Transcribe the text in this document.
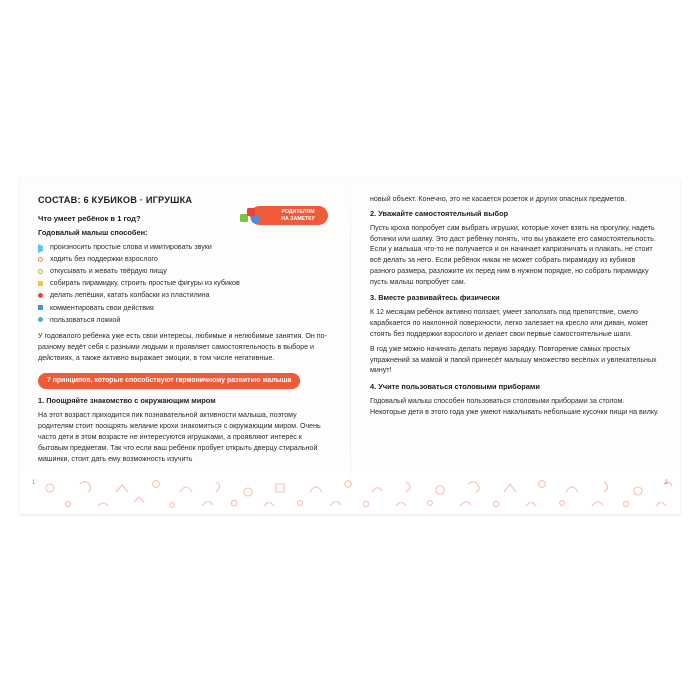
РОДИТЕЛЯМ
НА ЗАМЕТКУ
СОСТАВ: 6 КУБИКОВ · ИГРУШКА
Что умеет ребёнок в 1 год?
Годовалый малыш способен:
произносить простые слова и имитировать звуки
ходить без поддержки взрослого
откусывать и жевать твёрдую пищу
собирать пирамидку, строить простые фигуры из кубиков
делать лепёшки, катать колбаски из пластилина
комментировать свои действия
пользоваться ложкой

У годовалого ребёнка уже есть свои интересы, любимые и нелюбимые занятия. Он по-разному ведёт себя с разными людьми и проявляет самостоятельность в выборе и действиях, а также активно выражает эмоции, в том числе негативные.

7 принципов, которые способствуют гармоничному развитию малыша
1. Поощряйте знакомство с окружающим миром

На этот возраст приходится пик познавательной активности малыша, поэтому родителям стоит поощрять желание крохи знакомиться с окружающим миром. Очень часто дети в этом возрасте не интересуются игрушками, а проявляют интерес к бытовым предметам. Так что если ваш ребёнок пробует открыть дверцу стиральной машинки, стоит дать ему возможность изучить

новый объект. Конечно, это не касается розеток и других опасных предметов.

2. Уважайте самостоятельный выбор

Пусть кроха попробует сам выбрать игрушки, которые хочет взять на прогулку, надеть ботинки или шапку. Это даст ребёнку понять, что вы уважаете его самостоятельность. Если у малыша что-то не получается и он начинает капризничать и плакать, не стоит всё делать за него. Если ребёнок никак не может собрать пирамидку из кубиков разного размера, разложите их перед ним в нужном порядке, но собрать пирамидку пусть малыш попробует сам.

3. Вместе развивайтесь физически

К 12 месяцам ребёнок активно ползает, умеет заползать под препятствие, смело карабкается по наклонной поверхности, легко залезает на кресло или диван, может стоять без поддержки взрослого и делает свои первые самостоятельные шаги.

В год уже можно начинать делать первую зарядку. Повторение самых простых упражнений за мамой и папой принесёт малышу множество весёлых и увлекательных минут!

4. Учите пользоваться столовыми приборами

Годовалый малыш способен пользоваться столовыми приборами за столом. Некоторые дети в этого года уже умеют накалывать небольшие кусочки пищи на вилку.

1	2
